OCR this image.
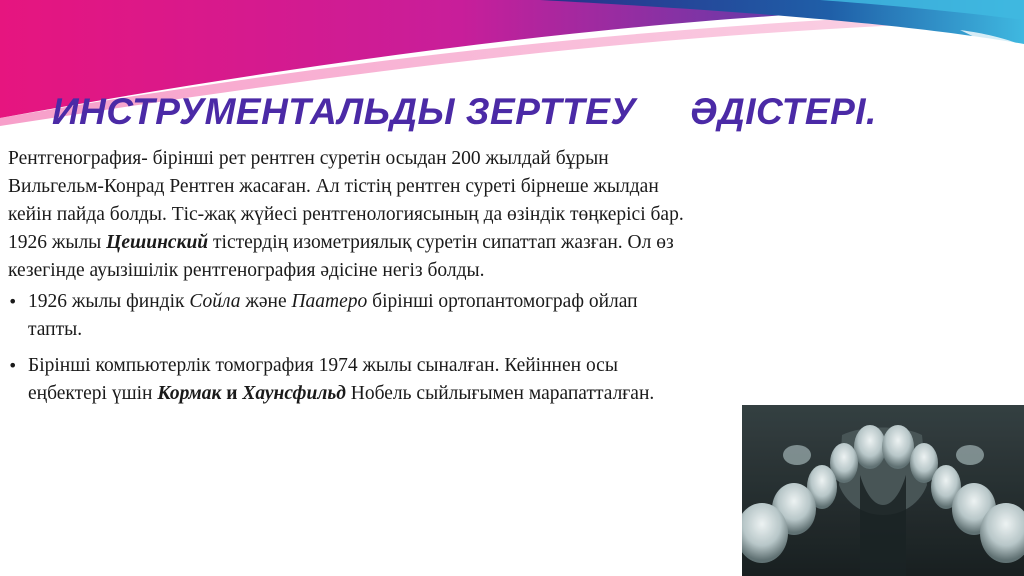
ИНСТРУМЕНТАЛЬДЫ ЗЕРТТЕУ     ӘДІСТЕРІ.

Рентгенография- бірінші рет рентген суретін осыдан 200 жылдай бұрын
Вильгельм-Конрад Рентген жасаған. Ал тістің рентген суреті бірнеше жылдан
кейін пайда болды. Тіс-жақ жүйесі рентгенологиясының да өзіндік төңкерісі бар.
1926 жылы Цешинский тістердің изометриялық суретін сипаттап жазған. Ол өз
кезегінде ауызішілік рентгенография әдісіне негіз болды.

• 1926 жылы финдік Сойла және Паатеро бірінші ортопантомограф ойлап
тапты.
• Бірінші компьютерлік томография 1974 жылы сыналған. Кейіннен осы
еңбектері үшін Кормак и Хаунсфильд Нобель сыйлығымен марапатталған.
